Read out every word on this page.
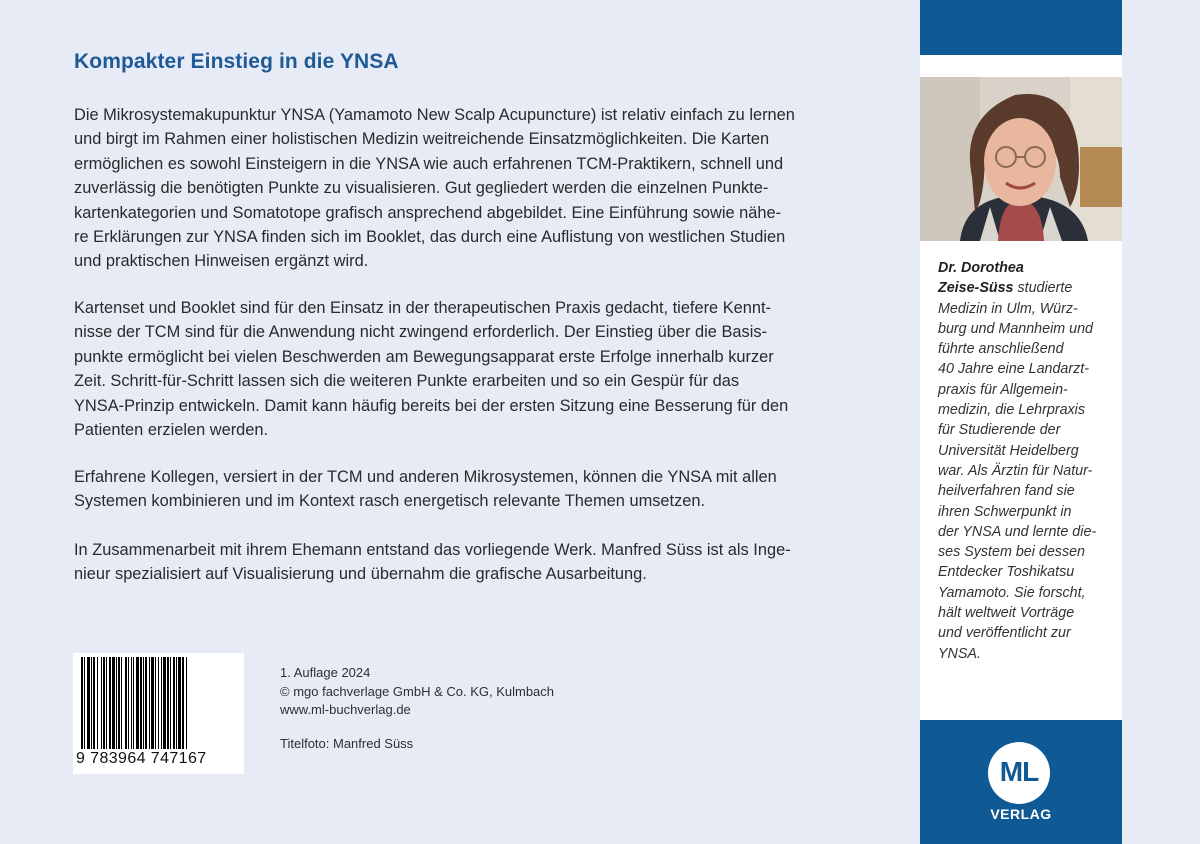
Kompakter Einstieg in die YNSA

Die Mikrosystemakupunktur YNSA (Yamamoto New Scalp Acupuncture) ist relativ einfach zu lernen
und birgt im Rahmen einer holistischen Medizin weitreichende Einsatzmöglichkeiten. Die Karten
ermöglichen es sowohl Einsteigern in die YNSA wie auch erfahrenen TCM-Praktikern, schnell und
zuverlässig die benötigten Punkte zu visualisieren. Gut gegliedert werden die einzelnen Punkte-
kartenkategorien und Somatotope grafisch ansprechend abgebildet. Eine Einführung sowie nähe-
re Erklärungen zur YNSA finden sich im Booklet, das durch eine Auflistung von westlichen Studien
und praktischen Hinweisen ergänzt wird.

Kartenset und Booklet sind für den Einsatz in der therapeutischen Praxis gedacht, tiefere Kennt-
nisse der TCM sind für die Anwendung nicht zwingend erforderlich. Der Einstieg über die Basis-
punkte ermöglicht bei vielen Beschwerden am Bewegungsapparat erste Erfolge innerhalb kurzer
Zeit. Schritt-für-Schritt lassen sich die weiteren Punkte erarbeiten und so ein Gespür für das
YNSA-Prinzip entwickeln. Damit kann häufig bereits bei der ersten Sitzung eine Besserung für den
Patienten erzielen werden.

Erfahrene Kollegen, versiert in der TCM und anderen Mikrosystemen, können die YNSA mit allen
Systemen kombinieren und im Kontext rasch energetisch relevante Themen umsetzen.

In Zusammenarbeit mit ihrem Ehemann entstand das vorliegende Werk. Manfred Süss ist als Inge-
nieur spezialisiert auf Visualisierung und übernahm die grafische Ausarbeitung.

9 783964 747167
1. Auflage 2024
© mgo fachverlage GmbH & Co. KG, Kulmbach
www.ml-buchverlag.de
Titelfoto: Manfred Süss
Dr. Dorothea
Zeise-Süss studierte
Medizin in Ulm, Würz-
burg und Mannheim und
führte anschließend
40 Jahre eine Landarzt-
praxis für Allgemein-
medizin, die Lehrpraxis
für Studierende der
Universität Heidelberg
war. Als Ärztin für Natur-
heilverfahren fand sie
ihren Schwerpunkt in
der YNSA und lernte die-
ses System bei dessen
Entdecker Toshikatsu
Yamamoto. Sie forscht,
hält weltweit Vorträge
und veröffentlicht zur
YNSA.
ML
VERLAG
